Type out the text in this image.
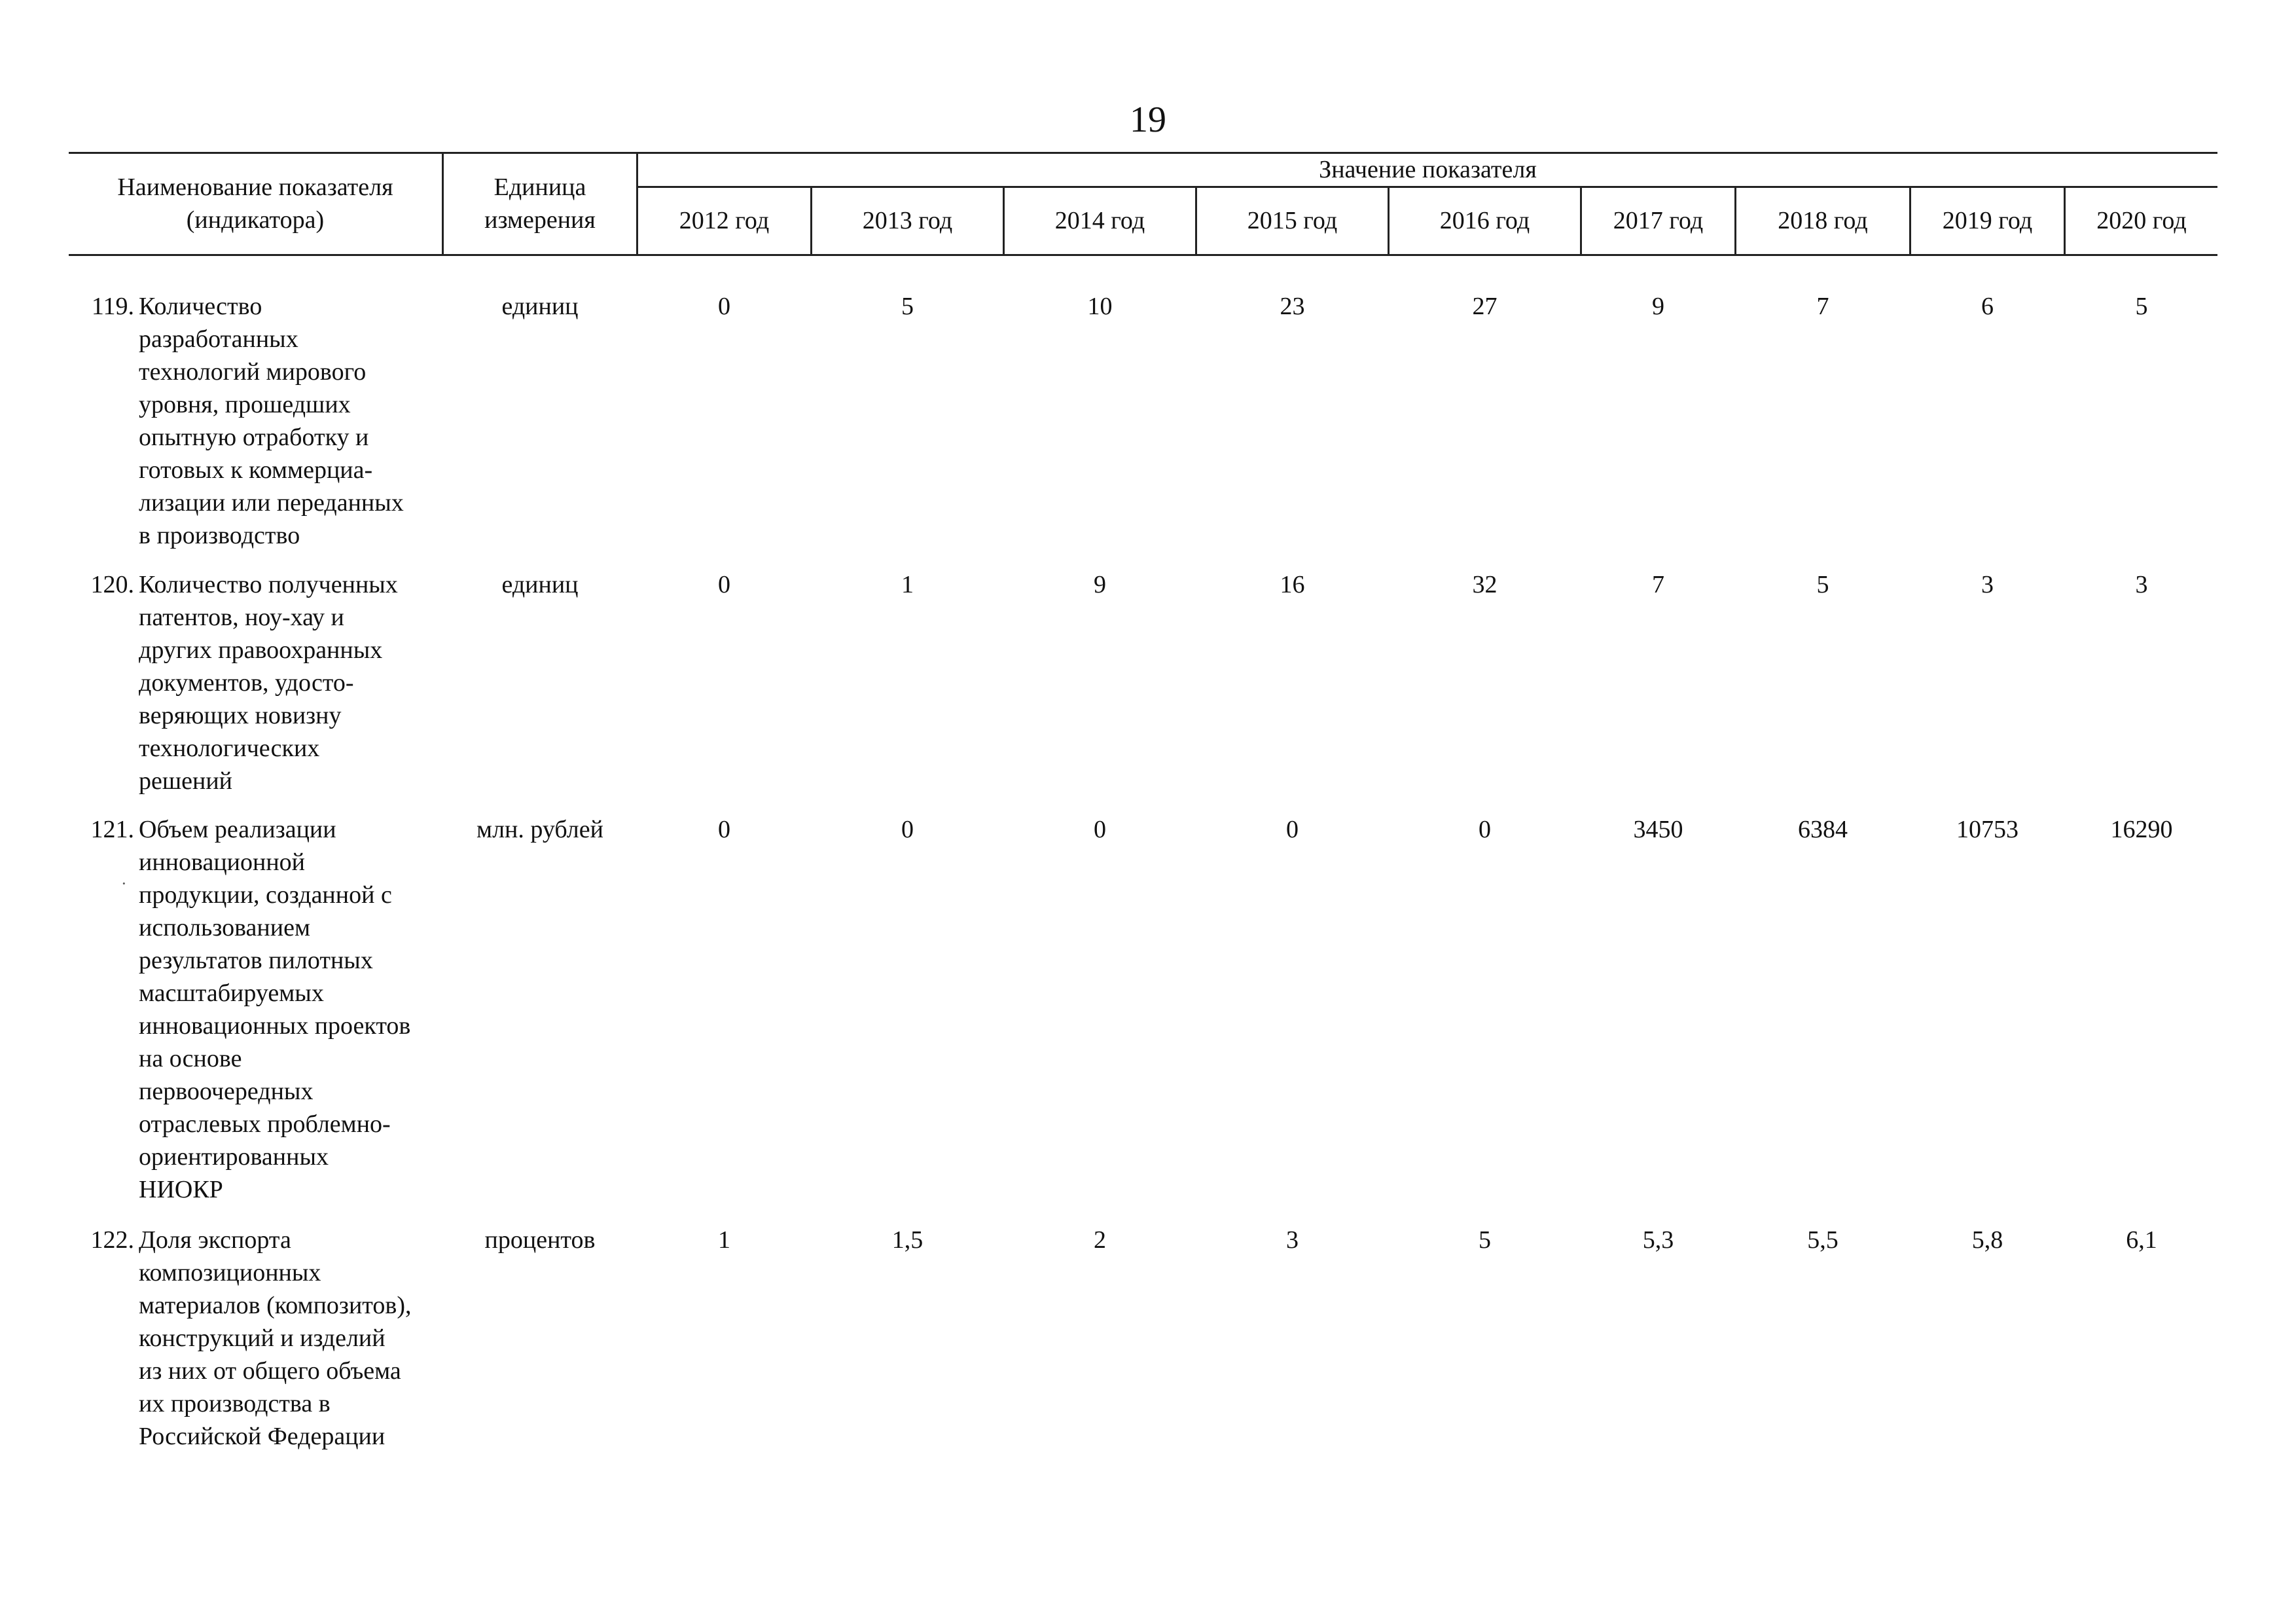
19
Наименование показателя
(индикатора)
Единица
измерения
Значение показателя
2012 год	2013 год	2014 год	2015 год	2016 год	2017 год	2018 год	2019 год	2020 год
119. Количество
разработанных
технологий мирового
уровня, прошедших
опытную отработку и
готовых к коммерциа-
лизации или переданных
в производство
единиц	0	5	10	23	27	9	7	6	5
120. Количество полученных
патентов, ноу-хау и
других правоохранных
документов, удосто-
веряющих новизну
технологических
решений
единиц	0	1	9	16	32	7	5	3	3
121. Объем реализации
инновационной
продукции, созданной с
использованием
результатов пилотных
масштабируемых
инновационных проектов
на основе
первоочередных
отраслевых проблемно-
ориентированных
НИОКР
млн. рублей	0	0	0	0	0	3450	6384	10753	16290
122. Доля экспорта
композиционных
материалов (композитов),
конструкций и изделий
из них от общего объема
их производства в
Российской Федерации
процентов	1	1,5	2	3	5	5,3	5,5	5,8	6,1
·
